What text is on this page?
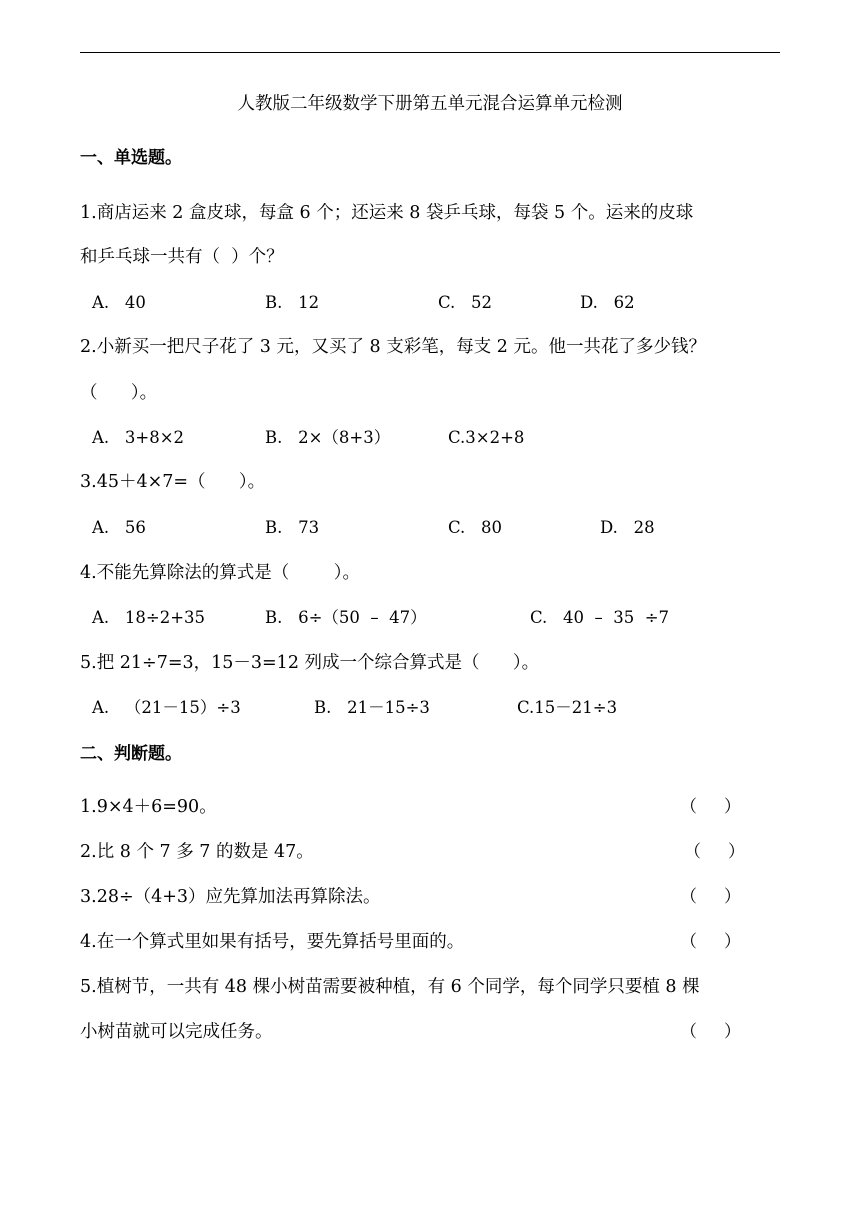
人教版二年级数学下册第五单元混合运算单元检测
一、单选题。
1.商店运来 2 盒皮球，每盒 6 个；还运来 8 袋乒乓球，每袋 5 个。运来的皮球
和乒乓球一共有（  ）个？
A.   40	B.   12	C.   52	D.   62
2.小新买一把尺子花了 3 元，又买了 8 支彩笔，每支 2 元。他一共花了多少钱？
（      ）。
A.   3+8×2	B.   2×（8+3）	C.3×2+8
3.45＋4×7=（      ）。
A.   56	B.   73	C.   80	D.   28
4.不能先算除法的算式是（        ）。
A.   18÷2+35	B.   6÷（50  –  47）	C.   40  –  35  ÷7
5.把 21÷7=3，15－3=12 列成一个综合算式是（      ）。
A.   （21－15）÷3	B.   21－15÷3	C.15－21÷3
二、判断题。
1.9×4＋6=90。	（     ）
2.比 8 个 7 多 7 的数是 47。	（     ）
3.28÷（4+3）应先算加法再算除法。	（     ）
4.在一个算式里如果有括号，要先算括号里面的。	（     ）
5.植树节，一共有 48 棵小树苗需要被种植，有 6 个同学，每个同学只要植 8 棵
小树苗就可以完成任务。	（     ）
